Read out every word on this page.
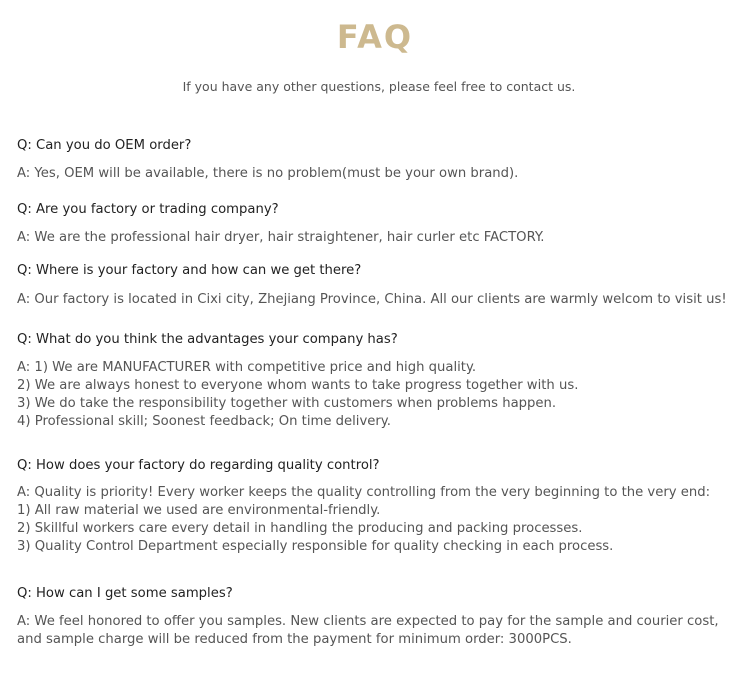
FAQ
If you have any other questions, please feel free to contact us.
Q: Can you do OEM order?
A: Yes, OEM will be available, there is no problem(must be your own brand).
Q: Are you factory or trading company?
A: We are the professional hair dryer, hair straightener, hair curler etc FACTORY.
Q: Where is your factory and how can we get there?
A: Our factory is located in Cixi city, Zhejiang Province, China. All our clients are warmly welcom to visit us!
Q: What do you think the advantages your company has?
A: 1) We are MANUFACTURER with competitive price and high quality.
2) We are always honest to everyone whom wants to take progress together with us.
3) We do take the responsibility together with customers when problems happen.
4) Professional skill; Soonest feedback; On time delivery.
Q: How does your factory do regarding quality control?
A: Quality is priority! Every worker keeps the quality controlling from the very beginning to the very end:
1) All raw material we used are environmental-friendly.
2) Skillful workers care every detail in handling the producing and packing processes.
3) Quality Control Department especially responsible for quality checking in each process.
Q: How can I get some samples?
A: We feel honored to offer you samples. New clients are expected to pay for the sample and courier cost,
and sample charge will be reduced from the payment for minimum order: 3000PCS.
